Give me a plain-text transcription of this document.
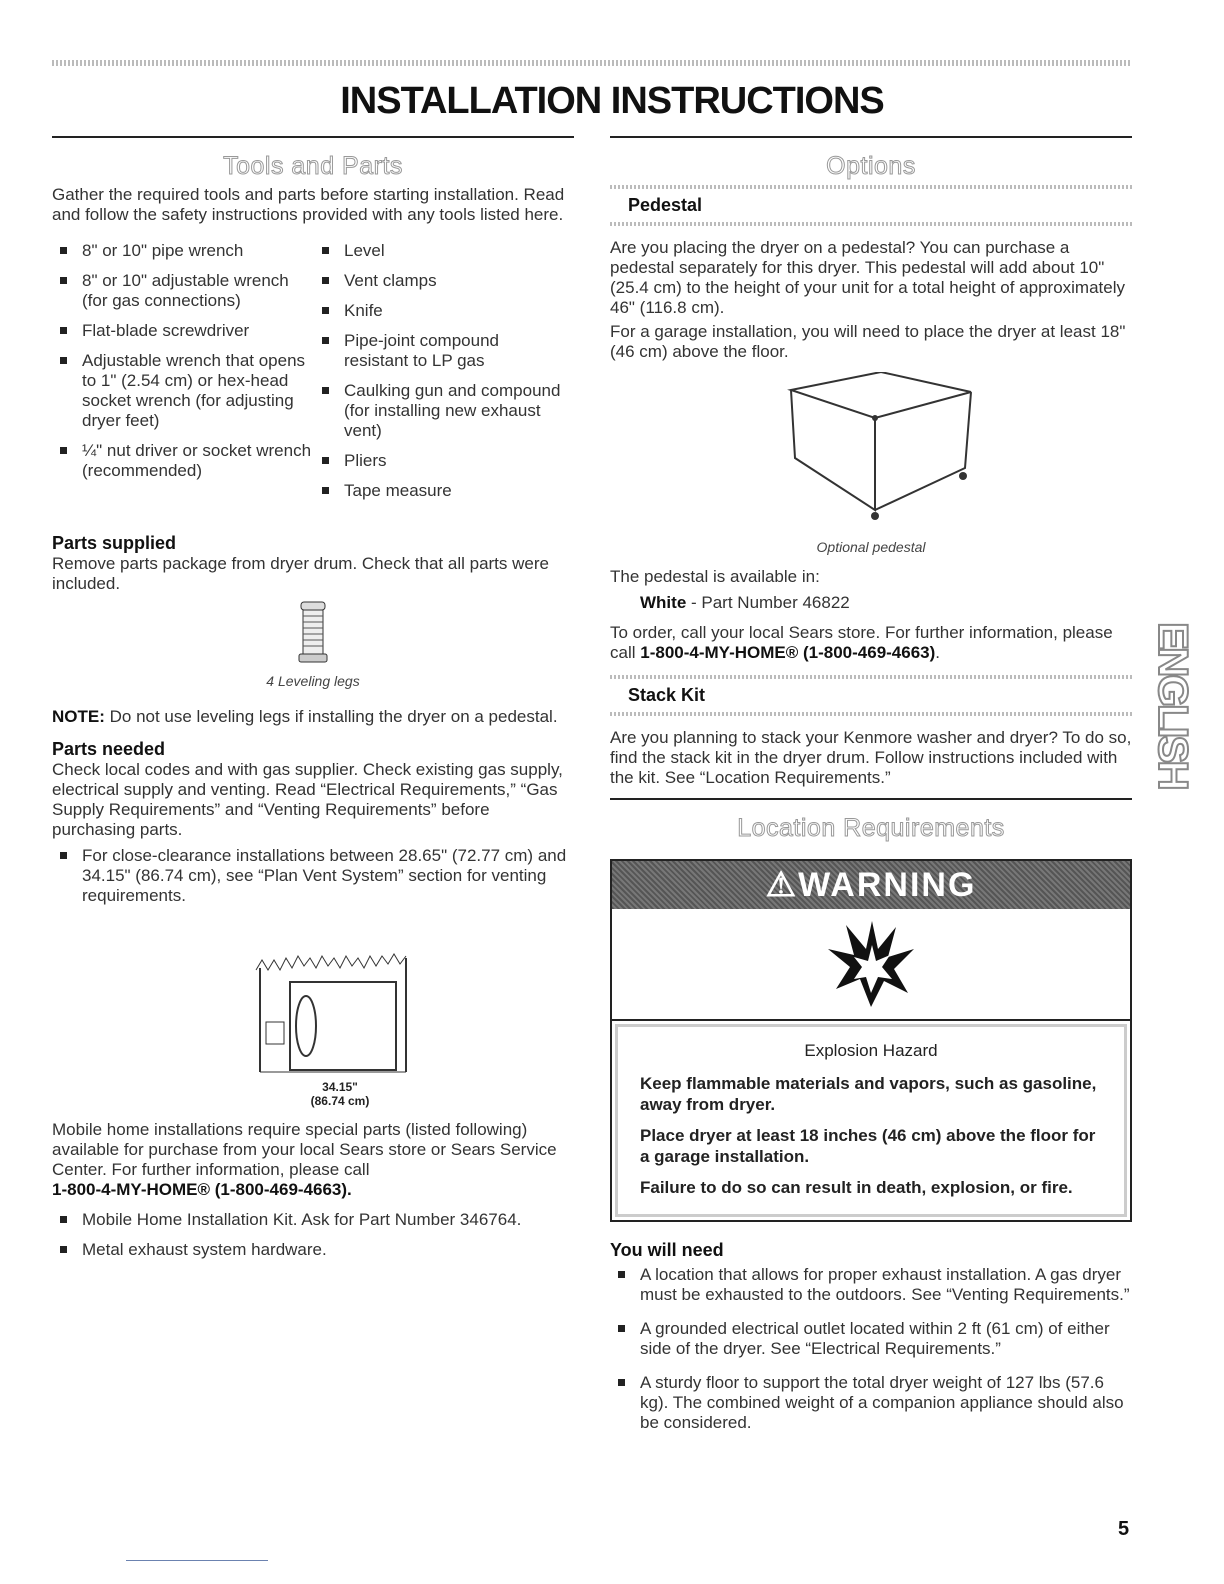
INSTALLATION INSTRUCTIONS
Tools and Parts

Gather the required tools and parts before starting installation. Read and follow the safety instructions provided with any tools listed here.

8" or 10" pipe wrench
8" or 10" adjustable wrench (for gas connections)
Flat-blade screwdriver
Adjustable wrench that opens to 1" (2.54 cm) or hex-head socket wrench (for adjusting dryer feet)
¼" nut driver or socket wrench (recommended)
Level
Vent clamps
Knife
Pipe-joint compound resistant to LP gas
Caulking gun and compound (for installing new exhaust vent)
Pliers
Tape measure
Parts supplied

Remove parts package from dryer drum. Check that all parts were included.

4 Leveling legs

NOTE: Do not use leveling legs if installing the dryer on a pedestal.

Parts needed

Check local codes and with gas supplier. Check existing gas supply, electrical supply and venting. Read “Electrical Requirements,” “Gas Supply Requirements” and “Venting Requirements” before purchasing parts.

For close-clearance installations between 28.65" (72.77 cm) and 34.15" (86.74 cm), see “Plan Vent System” section for venting requirements.
34.15"
(86.74 cm)

Mobile home installations require special parts (listed following) available for purchase from your local Sears store or Sears Service Center. For further information, please call

1-800-4-MY-HOME® (1-800-469-4663).

Mobile Home Installation Kit. Ask for Part Number 346764.
Metal exhaust system hardware.
Options
Pedestal

Are you placing the dryer on a pedestal? You can purchase a pedestal separately for this dryer. This pedestal will add about 10" (25.4 cm) to the height of your unit for a total height of approximately 46" (116.8 cm).

For a garage installation, you will need to place the dryer at least 18" (46 cm) above the floor.

Optional pedestal

The pedestal is available in:

White - Part Number 46822

To order, call your local Sears store. For further information, please call 1-800-4-MY-HOME® (1-800-469-4663).

Stack Kit

Are you planning to stack your Kenmore washer and dryer? To do so, find the stack kit in the dryer drum. Follow instructions included with the kit. See “Location Requirements.”

Location Requirements
⚠WARNING
Explosion Hazard
Keep flammable materials and vapors, such as gasoline, away from dryer.
Place dryer at least 18 inches (46 cm) above the floor for a garage installation.
Failure to do so can result in death, explosion, or fire.
You will need
A location that allows for proper exhaust installation. A gas dryer must be exhausted to the outdoors. See “Venting Requirements.”
A grounded electrical outlet located within 2 ft (61 cm) of either side of the dryer. See “Electrical Requirements.”
A sturdy floor to support the total dryer weight of 127 lbs (57.6 kg). The combined weight of a companion appliance should also be considered.
ENGLISH
5
